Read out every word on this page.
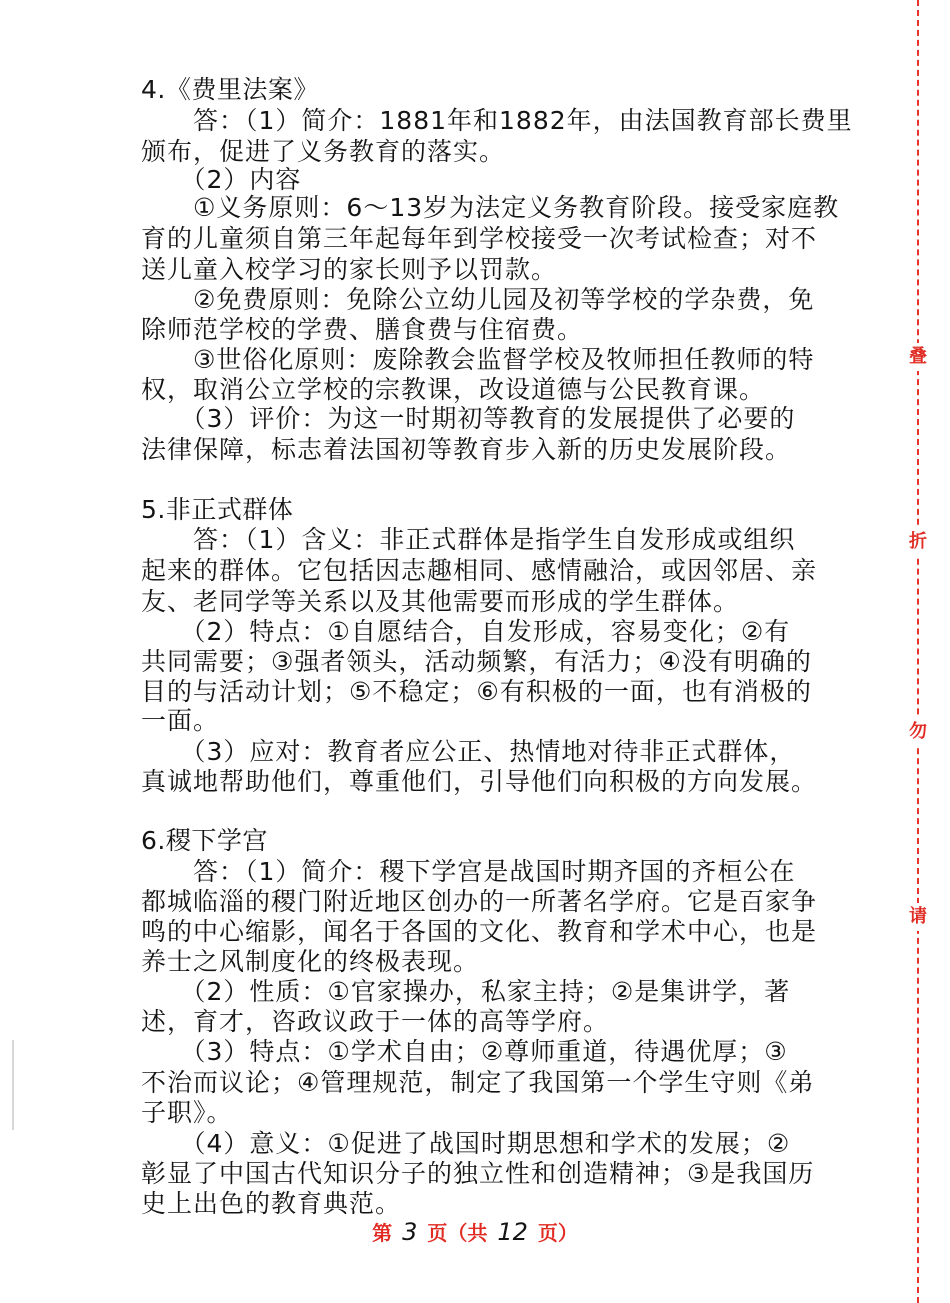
4.《费里法案》
　　答：（1）简介：1881年和1882年，由法国教育部长费里
颁布，促进了义务教育的落实。
　　（2）内容
　　①义务原则：6～13岁为法定义务教育阶段。接受家庭教
育的儿童须自第三年起每年到学校接受一次考试检查；对不
送儿童入校学习的家长则予以罚款。
　　②免费原则：免除公立幼儿园及初等学校的学杂费，免
除师范学校的学费、膳食费与住宿费。
　　③世俗化原则：废除教会监督学校及牧师担任教师的特
权，取消公立学校的宗教课，改设道德与公民教育课。
　　（3）评价：为这一时期初等教育的发展提供了必要的
法律保障，标志着法国初等教育步入新的历史发展阶段。
5.非正式群体
　　答：（1）含义：非正式群体是指学生自发形成或组织
起来的群体。它包括因志趣相同、感情融洽，或因邻居、亲
友、老同学等关系以及其他需要而形成的学生群体。
　　（2）特点：①自愿结合，自发形成，容易变化；②有
共同需要；③强者领头，活动频繁，有活力；④没有明确的
目的与活动计划；⑤不稳定；⑥有积极的一面，也有消极的
一面。
　　（3）应对：教育者应公正、热情地对待非正式群体，
真诚地帮助他们，尊重他们，引导他们向积极的方向发展。
6.稷下学宫
　　答：（1）简介：稷下学宫是战国时期齐国的齐桓公在
都城临淄的稷门附近地区创办的一所著名学府。它是百家争
鸣的中心缩影，闻名于各国的文化、教育和学术中心，也是
养士之风制度化的终极表现。
　　（2）性质：①官家操办，私家主持；②是集讲学，著
述，育才，咨政议政于一体的高等学府。
　　（3）特点：①学术自由；②尊师重道，待遇优厚；③
不治而议论；④管理规范，制定了我国第一个学生守则《弟
子职》。
　　（4）意义：①促进了战国时期思想和学术的发展；②
彰显了中国古代知识分子的独立性和创造精神；③是我国历
史上出色的教育典范。
第 3 页（共 12 页）
叠
折
勿
请
